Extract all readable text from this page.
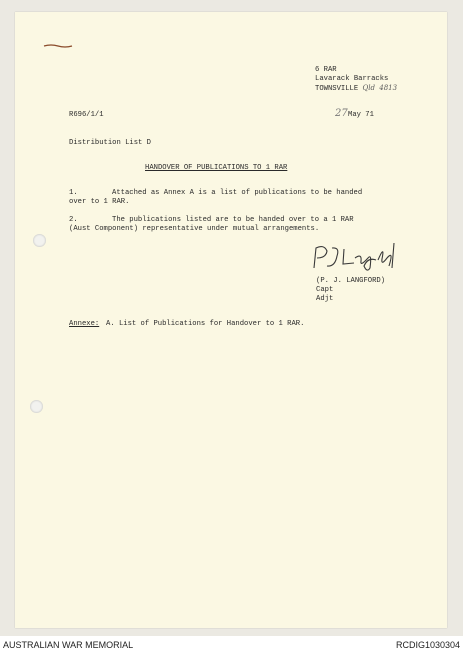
6 RAR
Lavarack Barracks
TOWNSVILLE Qld 4813
R696/1/1	27 May 71
Distribution List D
HANDOVER OF PUBLICATIONS TO 1 RAR
1.	Attached as Annex A is a list of publications to be handed
over to 1 RAR.
2.	The publications listed are to be handed over to a 1 RAR
(Aust Component) representative under mutual arrangements.
(P. J. LANGFORD)
Capt
Adjt
Annexe: A. List of Publications for Handover to 1 RAR.
AUSTRALIAN WAR MEMORIAL	RCDIG1030304
